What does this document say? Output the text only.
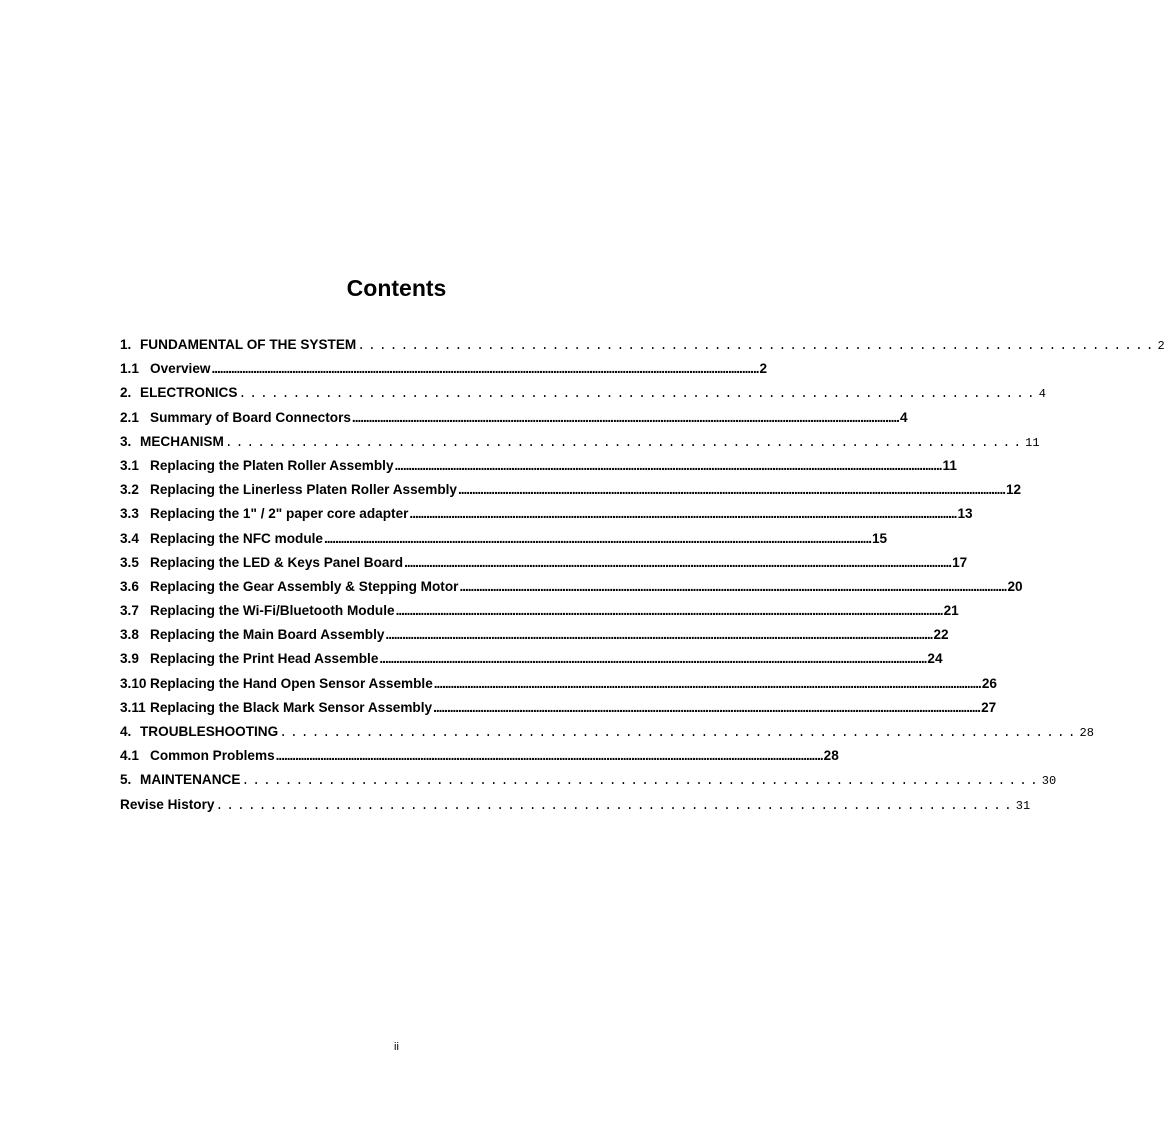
Contents
1. FUNDAMENTAL OF THE SYSTEM .......................................................................... 2
1.1 Overview ..................................................................................................................................................................................................... 2
2. ELECTRONICS .......................................................................... 4
2.1 Summary of Board Connectors ..................................................................................................................................................................................................... 4
3. MECHANISM .......................................................................... 11
3.1 Replacing the Platen Roller Assembly ..................................................................................................................................................................................................... 11
3.2 Replacing the Linerless Platen Roller Assembly ..................................................................................................................................................................................................... 12
3.3 Replacing the 1" / 2" paper core adapter ..................................................................................................................................................................................................... 13
3.4 Replacing the NFC module ..................................................................................................................................................................................................... 15
3.5 Replacing the LED & Keys Panel Board ..................................................................................................................................................................................................... 17
3.6 Replacing the Gear Assembly & Stepping Motor ..................................................................................................................................................................................................... 20
3.7 Replacing the Wi-Fi/Bluetooth Module ..................................................................................................................................................................................................... 21
3.8 Replacing the Main Board Assembly ..................................................................................................................................................................................................... 22
3.9 Replacing the Print Head Assemble ..................................................................................................................................................................................................... 24
3.10 Replacing the Hand Open Sensor Assemble ..................................................................................................................................................................................................... 26
3.11 Replacing the Black Mark Sensor Assembly ..................................................................................................................................................................................................... 27
4. TROUBLESHOOTING .......................................................................... 28
4.1 Common Problems ..................................................................................................................................................................................................... 28
5. MAINTENANCE .......................................................................... 30
Revise History .......................................................................... 31
ii
